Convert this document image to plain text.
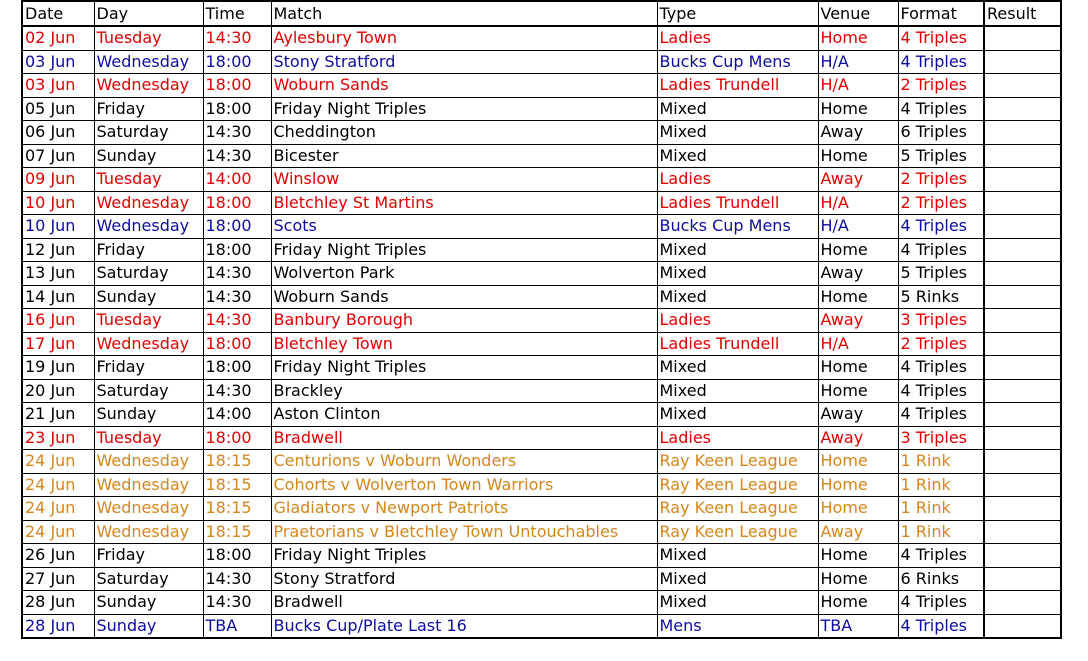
Date	Day	Time	Match	Type	Venue	Format	Result
02 Jun	Tuesday	14:30	Aylesbury Town	Ladies	Home	4 Triples	
03 Jun	Wednesday	18:00	Stony Stratford	Bucks Cup Mens	H/A	4 Triples	
03 Jun	Wednesday	18:00	Woburn Sands	Ladies Trundell	H/A	2 Triples	
05 Jun	Friday	18:00	Friday Night Triples	Mixed	Home	4 Triples	
06 Jun	Saturday	14:30	Cheddington	Mixed	Away	6 Triples	
07 Jun	Sunday	14:30	Bicester	Mixed	Home	5 Triples	
09 Jun	Tuesday	14:00	Winslow	Ladies	Away	2 Triples	
10 Jun	Wednesday	18:00	Bletchley St Martins	Ladies Trundell	H/A	2 Triples	
10 Jun	Wednesday	18:00	Scots	Bucks Cup Mens	H/A	4 Triples	
12 Jun	Friday	18:00	Friday Night Triples	Mixed	Home	4 Triples	
13 Jun	Saturday	14:30	Wolverton Park	Mixed	Away	5 Triples	
14 Jun	Sunday	14:30	Woburn Sands	Mixed	Home	5 Rinks	
16 Jun	Tuesday	14:30	Banbury Borough	Ladies	Away	3 Triples	
17 Jun	Wednesday	18:00	Bletchley Town	Ladies Trundell	H/A	2 Triples	
19 Jun	Friday	18:00	Friday Night Triples	Mixed	Home	4 Triples	
20 Jun	Saturday	14:30	Brackley	Mixed	Home	4 Triples	
21 Jun	Sunday	14:00	Aston Clinton	Mixed	Away	4 Triples	
23 Jun	Tuesday	18:00	Bradwell	Ladies	Away	3 Triples	
24 Jun	Wednesday	18:15	Centurions v Woburn Wonders	Ray Keen League	Home	1 Rink	
24 Jun	Wednesday	18:15	Cohorts v Wolverton Town Warriors	Ray Keen League	Home	1 Rink	
24 Jun	Wednesday	18:15	Gladiators v Newport Patriots	Ray Keen League	Home	1 Rink	
24 Jun	Wednesday	18:15	Praetorians v Bletchley Town Untouchables	Ray Keen League	Away	1 Rink	
26 Jun	Friday	18:00	Friday Night Triples	Mixed	Home	4 Triples	
27 Jun	Saturday	14:30	Stony Stratford	Mixed	Home	6 Rinks	
28 Jun	Sunday	14:30	Bradwell	Mixed	Home	4 Triples	
28 Jun	Sunday	TBA	Bucks Cup/Plate Last 16	Mens	TBA	4 Triples	
